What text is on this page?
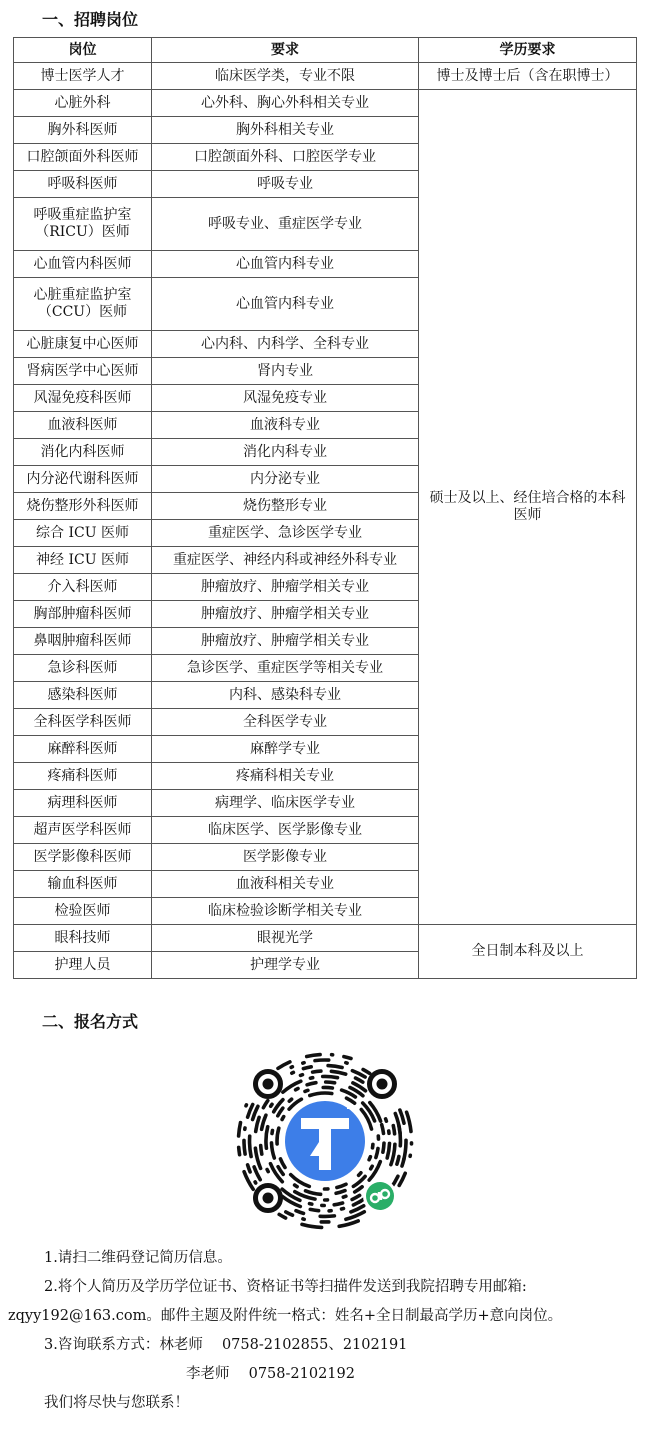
一、招聘岗位
岗位	要求	学历要求
博士医学人才	临床医学类，专业不限	博士及博士后（含在职博士）
心脏外科	心外科、胸心外科相关专业	硕士及以上、经住培合格的本科医师
胸外科医师	胸外科相关专业	
口腔颌面外科医师	口腔颌面外科、口腔医学专业	
呼吸科医师	呼吸专业	
呼吸重症监护室（RICU）医师	呼吸专业、重症医学专业	
心血管内科医师	心血管内科专业	
心脏重症监护室（CCU）医师	心血管内科专业	
心脏康复中心医师	心内科、内科学、全科专业	
肾病医学中心医师	肾内专业	
风湿免疫科医师	风湿免疫专业	
血液科医师	血液科专业	
消化内科医师	消化内科专业	
内分泌代谢科医师	内分泌专业	
烧伤整形外科医师	烧伤整形专业	
综合 ICU 医师	重症医学、急诊医学专业	
神经 ICU 医师	重症医学、神经内科或神经外科专业	
介入科医师	肿瘤放疗、肿瘤学相关专业	
胸部肿瘤科医师	肿瘤放疗、肿瘤学相关专业	
鼻咽肿瘤科医师	肿瘤放疗、肿瘤学相关专业	
急诊科医师	急诊医学、重症医学等相关专业	
感染科医师	内科、感染科专业	
全科医学科医师	全科医学专业	
麻醉科医师	麻醉学专业	
疼痛科医师	疼痛科相关专业	
病理科医师	病理学、临床医学专业	
超声医学科医师	临床医学、医学影像专业	
医学影像科医师	医学影像专业	
输血科医师	血液科相关专业	
检验医师	临床检验诊断学相关专业	
眼科技师	眼视光学	全日制本科及以上
护理人员	护理学专业	
二、报名方式

1.请扫二维码登记简历信息。

2.将个人简历及学历学位证书、资格证书等扫描件发送到我院招聘专用邮箱:

zqyy192@163.com。邮件主题及附件统一格式：姓名+全日制最高学历+意向岗位。

3.咨询联系方式：林老师　 0758-2102855、2102191

李老师　 0758-2102192

我们将尽快与您联系！
